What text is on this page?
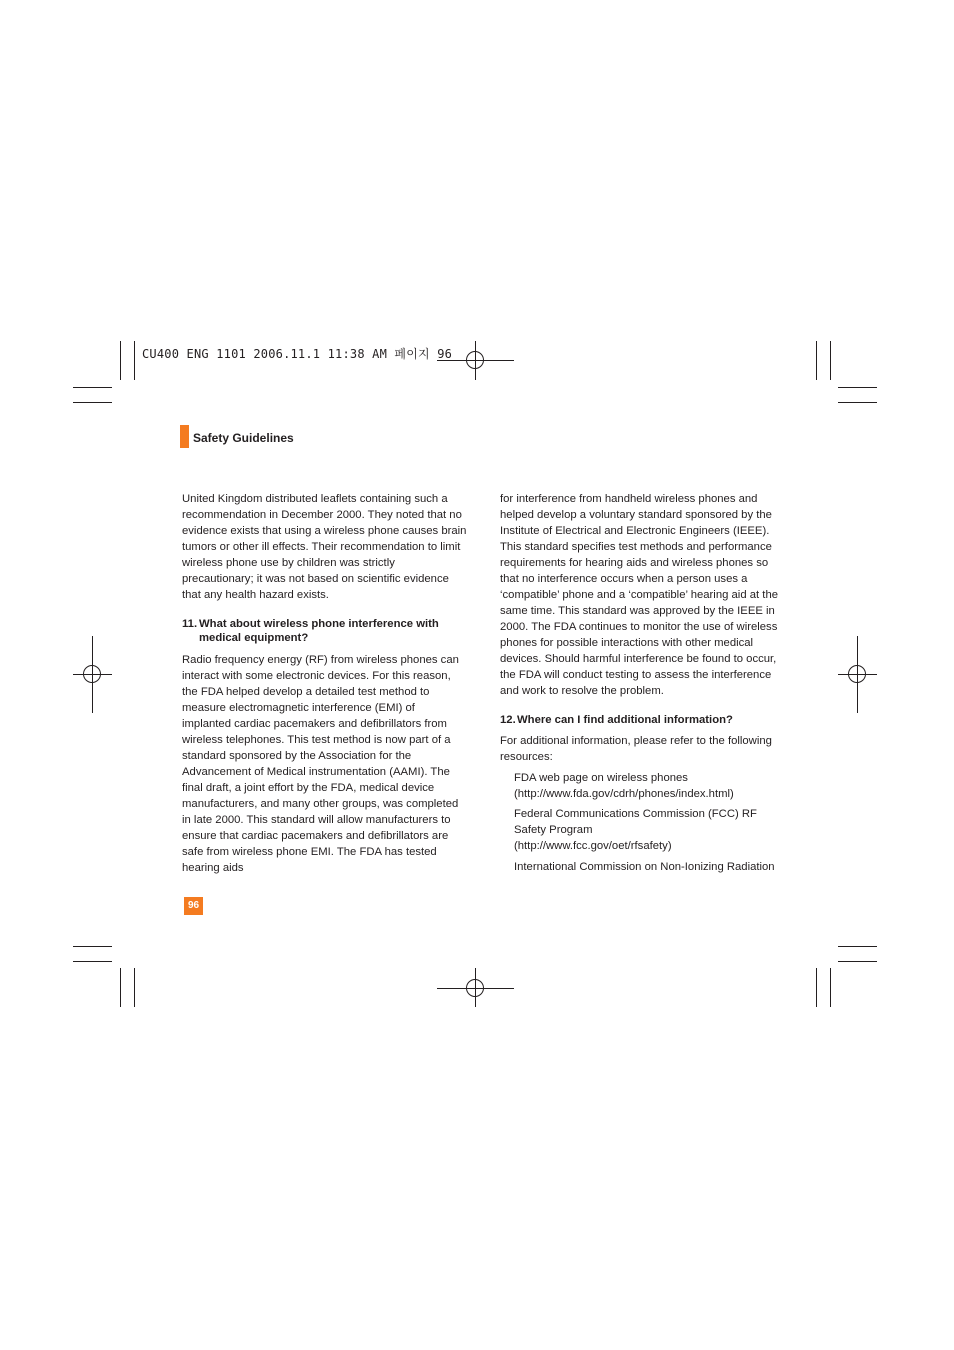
CU400 ENG 1101 2006.11.1 11:38 AM 페이지 96
Safety Guidelines

United Kingdom distributed leaflets containing such a recommendation in December 2000. They noted that no evidence exists that using a wireless phone causes brain tumors or other ill effects. Their recommendation to limit wireless phone use by children was strictly precautionary; it was not based on scientific evidence that any health hazard exists.

11. What about wireless phone interference with
medical equipment?

Radio frequency energy (RF) from wireless phones can interact with some electronic devices. For this reason, the FDA helped develop a detailed test method to measure electromagnetic interference (EMI) of implanted cardiac pacemakers and defibrillators from wireless telephones. This test method is now part of a standard sponsored by the Association for the Advancement of Medical instrumentation (AAMI). The final draft, a joint effort by the FDA, medical device manufacturers, and many other groups, was completed in late 2000. This standard will allow manufacturers to ensure that cardiac pacemakers and defibrillators are safe from wireless phone EMI. The FDA has tested hearing aids

for interference from handheld wireless phones and helped develop a voluntary standard sponsored by the Institute of Electrical and Electronic Engineers (IEEE). This standard specifies test methods and performance requirements for hearing aids and wireless phones so that no interference occurs when a person uses a ‘compatible’ phone and a ‘compatible’ hearing aid at the same time. This standard was approved by the IEEE in 2000. The FDA continues to monitor the use of wireless phones for possible interactions with other medical devices. Should harmful interference be found to occur, the FDA will conduct testing to assess the interference and work to resolve the problem.

12.Where can I find additional information?

For additional information, please refer to the following resources:

FDA web page on wireless phones
(http://www.fda.gov/cdrh/phones/index.html)
Federal Communications Commission (FCC) RF
Safety Program
(http://www.fcc.gov/oet/rfsafety)
International Commission on Non-Ionizing Radiation
96
